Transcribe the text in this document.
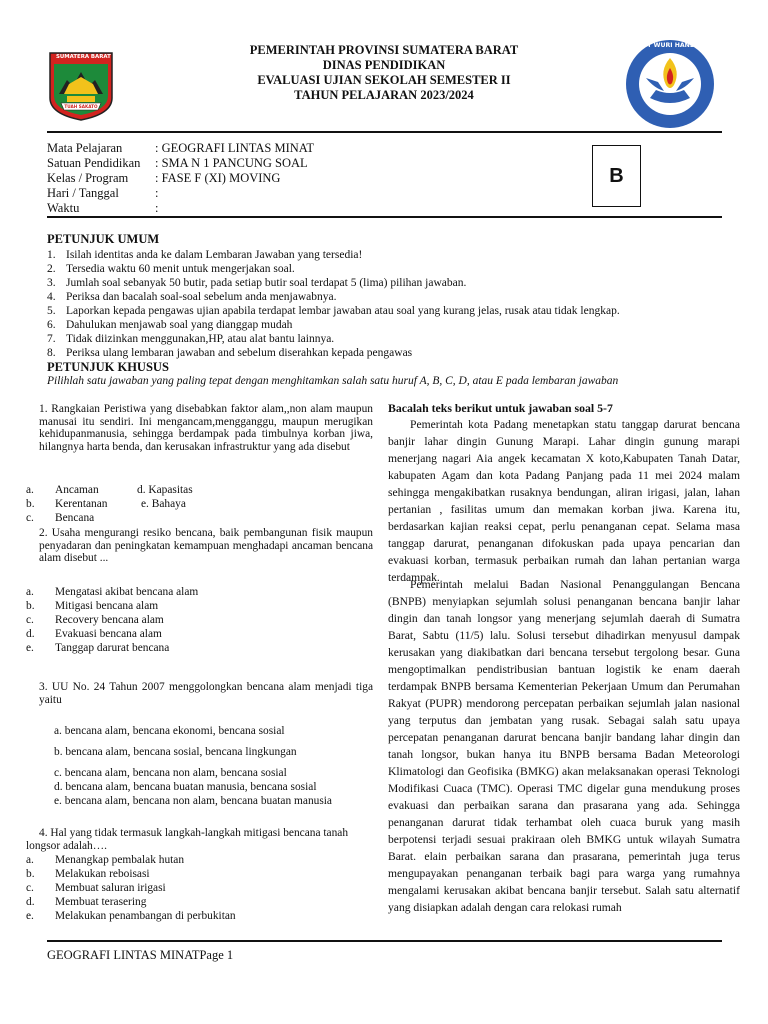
SUMATERA BARAT
TUAH SAKATO
TUT WURI HANDAYANI
PEMERINTAH PROVINSI SUMATERA BARAT
DINAS PENDIDIKAN
EVALUASI UJIAN SEKOLAH SEMESTER II
TAHUN PELAJARAN 2023/2024
Mata Pelajaran	: GEOGRAFI LINTAS MINAT
Satuan Pendidikan : SMA N 1 PANCUNG SOAL
Kelas / Program : FASE F (XI) MOVING
Hari / Tanggal	:
Waktu	:
B
PETUNJUK UMUM
1. Isilah identitas anda ke dalam Lembaran Jawaban yang tersedia!
2. Tersedia waktu 60 menit untuk mengerjakan soal.
3. Jumlah soal sebanyak 50 butir, pada setiap butir soal terdapat 5 (lima) pilihan jawaban.
4. Periksa dan bacalah soal-soal sebelum anda menjawabnya.
5. Laporkan kepada pengawas ujian apabila terdapat lembar jawaban atau soal yang kurang jelas, rusak atau tidak lengkap.
6. Dahulukan menjawab soal yang dianggap mudah
7. Tidak diizinkan menggunakan,HP, atau alat bantu lainnya.
8. Periksa ulang lembaran jawaban and sebelum diserahkan kepada pengawas
PETUNJUK KHUSUS
Pilihlah satu jawaban yang paling tepat dengan menghitamkan salah satu huruf A, B, C, D, atau E pada lembaran jawaban
1. Rangkaian Peristiwa yang disebabkan faktor alam,,non alam maupun manusai itu sendiri. Ini mengancam,mengganggu, maupun merugikan kehidupanmanusia, sehingga berdampak pada timbulnya korban jiwa, hilangnya harta benda, dan kerusakan infrastruktur yang ada disebut
a. Ancaman	d. Kapasitas
b. Kerentanan	e. Bahaya
c. Bencana
2. Usaha mengurangi resiko bencana, baik pembangunan fisik maupun penyadaran dan peningkatan kemampuan menghadapi ancaman bencana alam disebut ...
a. Mengatasi akibat bencana alam
b. Mitigasi bencana alam
c. Recovery bencana alam
d. Evakuasi bencana alam
e. Tanggap darurat bencana
3. UU No. 24 Tahun 2007 menggolongkan bencana alam menjadi tiga yaitu
a. bencana alam, bencana ekonomi, bencana sosial
b. bencana alam, bencana sosial, bencana lingkungan
c. bencana alam, bencana non alam, bencana sosial
d. bencana alam, bencana buatan manusia, bencana sosial
e. bencana alam, bencana non alam, bencana buatan manusia
4. Hal yang tidak termasuk langkah-langkah mitigasi bencana tanah longsor adalah….
a. Menangkap pembalak hutan
b. Melakukan reboisasi
c. Membuat saluran irigasi
d. Membuat terasering
e. Melakukan penambangan di perbukitan
Bacalah teks berikut untuk jawaban soal 5-7
Pemerintah kota Padang menetapkan statu tanggap darurat bencana banjir lahar dingin Gunung Marapi. Lahar dingin gunung marapi menerjang nagari Aia angek kecamatan X koto,Kabupaten Tanah Datar, kabupaten Agam dan kota Padang Panjang pada 11 mei 2024 malam sehingga mengakibatkan rusaknya bendungan, aliran irigasi, jalan, lahan pertanian , fasilitas umum dan memakan korban jiwa. Karena itu, berdasarkan kajian reaksi cepat, perlu penanganan cepat. Selama masa tanggap darurat, penanganan difokuskan pada upaya pencarian dan evakuasi korban, termasuk perbaikan rumah dan lahan pertanian warga terdampak.
Pemerintah melalui Badan Nasional Penanggulangan Bencana (BNPB) menyiapkan sejumlah solusi penanganan bencana banjir lahar dingin dan tanah longsor yang menerjang sejumlah daerah di Sumatra Barat, Sabtu (11/5) lalu. Solusi tersebut dihadirkan menyusul dampak kerusakan yang diakibatkan dari bencana tersebut tergolong besar. Guna mengoptimalkan pendistribusian bantuan logistik ke enam daerah terdampak BNPB bersama Kementerian Pekerjaan Umum dan Perumahan Rakyat (PUPR) mendorong percepatan perbaikan sejumlah jalan nasional yang terputus dan jembatan yang rusak. Sebagai salah satu upaya percepatan penanganan darurat bencana banjir bandang lahar dingin dan tanah longsor, bukan hanya itu BNPB bersama Badan Meteorologi Klimatologi dan Geofisika (BMKG) akan melaksanakan operasi Teknologi Modifikasi Cuaca (TMC). Operasi TMC digelar guna mendukung proses evakuasi dan perbaikan sarana dan prasarana yang ada. Sehingga penanganan darurat tidak terhambat oleh cuaca buruk yang masih berpotensi terjadi sesuai prakiraan oleh BMKG untuk wilayah Sumatra Barat. elain perbaikan sarana dan prasarana, pemerintah juga terus mengupayakan penanganan terbaik bagi para warga yang rumahnya mengalami kerusakan akibat bencana banjir tersebut. Salah satu alternatif yang disiapkan adalah dengan cara relokasi rumah
GEOGRAFI LINTAS MINATPage 1
